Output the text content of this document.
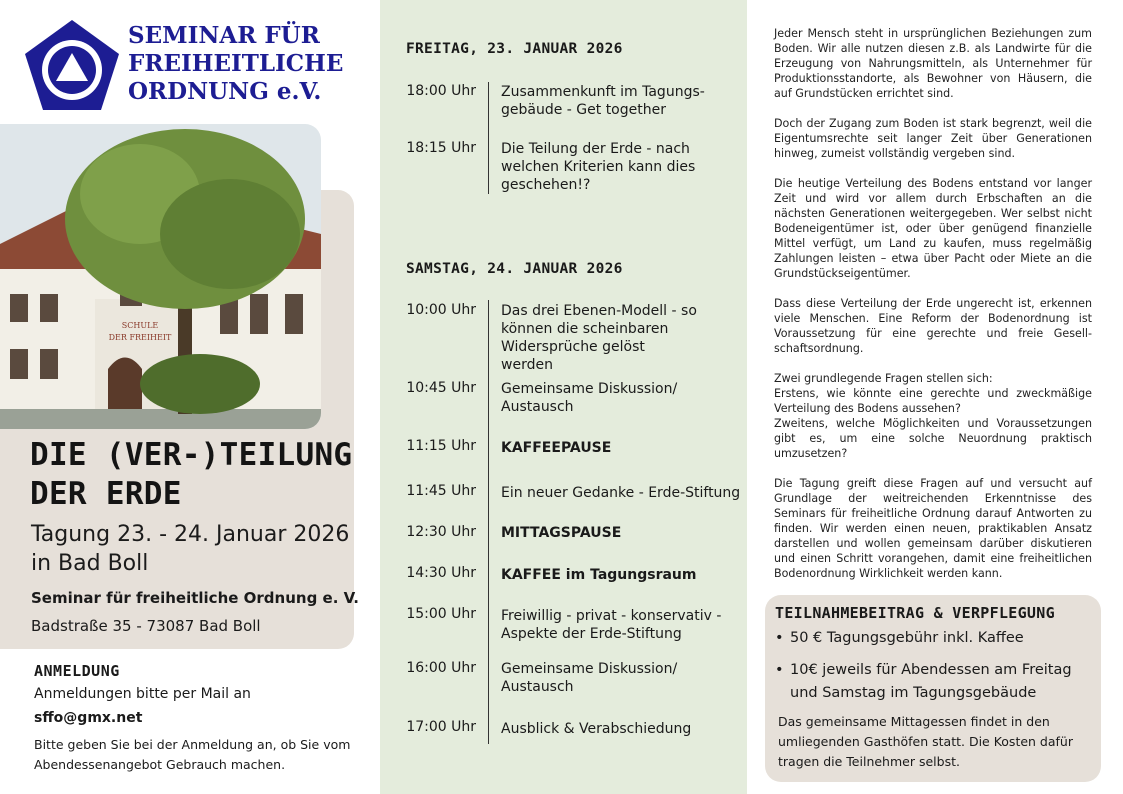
SEMINAR FÜR
FREIHEITLICHE
ORDNUNG e.V.
SCHULE
DER FREIHEIT
DIE (VER-)TEILUNG
DER ERDE
Tagung 23. - 24. Januar 2026
in Bad Boll
Seminar für freiheitliche Ordnung e. V.
Badstraße 35 - 73087 Bad Boll
ANMELDUNG
Anmeldungen bitte per Mail an
sffo@gmx.net
Bitte geben Sie bei der Anmeldung an, ob Sie vom Abendessenangebot Gebrauch machen.
FREITAG, 23. JANUAR 2026
18:00 Uhr Zusammenkunft im Tagungs-gebäude - Get together
18:15 Uhr Die Teilung der Erde - nach welchen Kriterien kann dies geschehen!?
SAMSTAG, 24. JANUAR 2026
10:00 Uhr Das drei Ebenen-Modell - so können die scheinbaren Widersprüche gelöst werden
10:45 Uhr Gemeinsame Diskussion/ Austausch
11:15 Uhr KAFFEEPAUSE
11:45 Uhr Ein neuer Gedanke - Erde-Stiftung
12:30 Uhr MITTAGSPAUSE
14:30 Uhr KAFFEE im Tagungsraum
15:00 Uhr Freiwillig - privat - konservativ - Aspekte der Erde-Stiftung
16:00 Uhr Gemeinsame Diskussion/ Austausch
17:00 Uhr Ausblick & Verabschiedung

Jeder Mensch steht in ursprünglichen Beziehungen zum Boden. Wir alle nutzen diesen z.B. als Landwirte für die Erzeugung von Nahrungsmitteln, als Unternehmer für Produktionsstandorte, als Bewohner von Häusern, die auf Grundstücken errichtet sind.

Doch der Zugang zum Boden ist stark begrenzt, weil die Eigentumsrechte seit langer Zeit über Generationen hinweg, zumeist vollständig vergeben sind.

Die heutige Verteilung des Bodens entstand vor langer Zeit und wird vor allem durch Erbschaften an die nächsten Generationen weitergegeben. Wer selbst nicht Bodeneigentümer ist, oder über genügend finanzielle Mittel verfügt, um Land zu kaufen, muss regelmäßig Zahlungen leisten – etwa über Pacht oder Miete an die Grundstückseigentümer.

Dass diese Verteilung der Erde ungerecht ist, erkennen viele Menschen. Eine Reform der Bodenordnung ist Voraussetzung für eine gerechte und freie Gesell-schaftsordnung.

Zwei grundlegende Fragen stellen sich:
Erstens, wie könnte eine gerechte und zweckmäßige Verteilung des Bodens aussehen?
Zweitens, welche Möglichkeiten und Voraussetzungen gibt es, um eine solche Neuordnung praktisch umzusetzen?

Die Tagung greift diese Fragen auf und versucht auf Grundlage der weitreichenden Erkenntnisse des Seminars für freiheitliche Ordnung darauf Antworten zu finden. Wir werden einen neuen, praktikablen Ansatz darstellen und wollen gemeinsam darüber diskutieren und einen Schritt vorangehen, damit eine freiheitlichen Bodenordnung Wirklichkeit werden kann.

TEILNAHMEBEITRAG & VERPFLEGUNG
• 50 € Tagungsgebühr inkl. Kaffee
• 10€ jeweils für Abendessen am Freitag und Samstag im Tagungsgebäude
Das gemeinsame Mittagessen findet in den umliegenden Gasthöfen statt. Die Kosten dafür tragen die Teilnehmer selbst.
